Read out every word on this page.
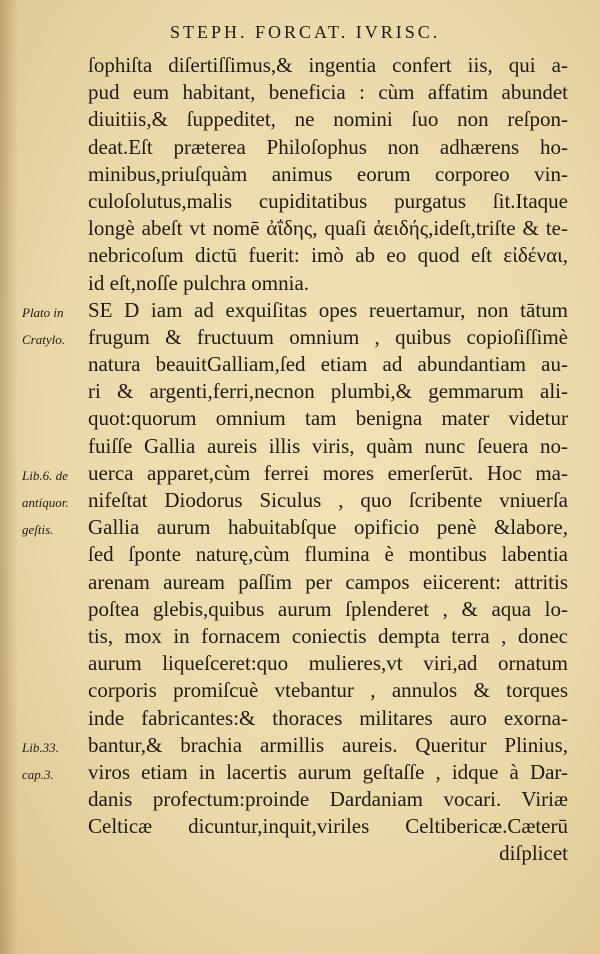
STEPH. FORCAT. IVRISC.
ſophiſta diſertiſſimus,& ingentia confert iis, qui a-
pud eum habitant, beneficia : cùm affatim abundet
diuitiis,& ſuppeditet, ne nomini ſuo non reſpon-
deat.Eſt præterea Philoſophus non adhærens ho-
minibus,priuſquàm animus eorum corporeo vin-
culoſolutus,malis cupiditatibus purgatus ſit.Itaque
longè abeſt vt nomē ἀΐδης, quaſi ἀειδής,ideſt,triſte & te-
nebricoſum dictū fuerit: imò ab eo quod eſt εἰδέναι,
id eſt,noſſe pulchra omnia.
SE D iam ad exquiſitas opes reuertamur, non tātum
frugum & fructuum omnium , quibus copioſiſſimè
natura beauitGalliam,ſed etiam ad abundantiam au-
ri & argenti,ferri,necnon plumbi,& gemmarum ali-
quot:quorum omnium tam benigna mater videtur
fuiſſe Gallia aureis illis viris, quàm nunc ſeuera no-
uerca apparet,cùm ferrei mores emerſerūt. Hoc ma-
nifeſtat Diodorus Siculus , quo ſcribente vniuerſa
Gallia aurum habuitabſque opificio penè &labore,
ſed ſponte naturę,cùm flumina è montibus labentia
arenam auream paſſim per campos eiicerent: attritis
poſtea glebis,quibus aurum ſplenderet , & aqua lo-
tis, mox in fornacem coniectis dempta terra , donec
aurum liqueſceret:quo mulieres,vt viri,ad ornatum
corporis promiſcuè vtebantur , annulos & torques
inde fabricantes:& thoraces militares auro exorna-
bantur,& brachia armillis aureis. Queritur Plinius,
viros etiam in lacertis aurum geſtaſſe , idque à Dar-
danis profectum:proinde Dardaniam vocari. Viriæ
Celticæ dicuntur,inquit,viriles Celtibericæ.Cæterū
diſplicet
Plato in
Cratylo.
Lib.6. de
antiquor.
geſtis.
Lib.33.
cap.3.
